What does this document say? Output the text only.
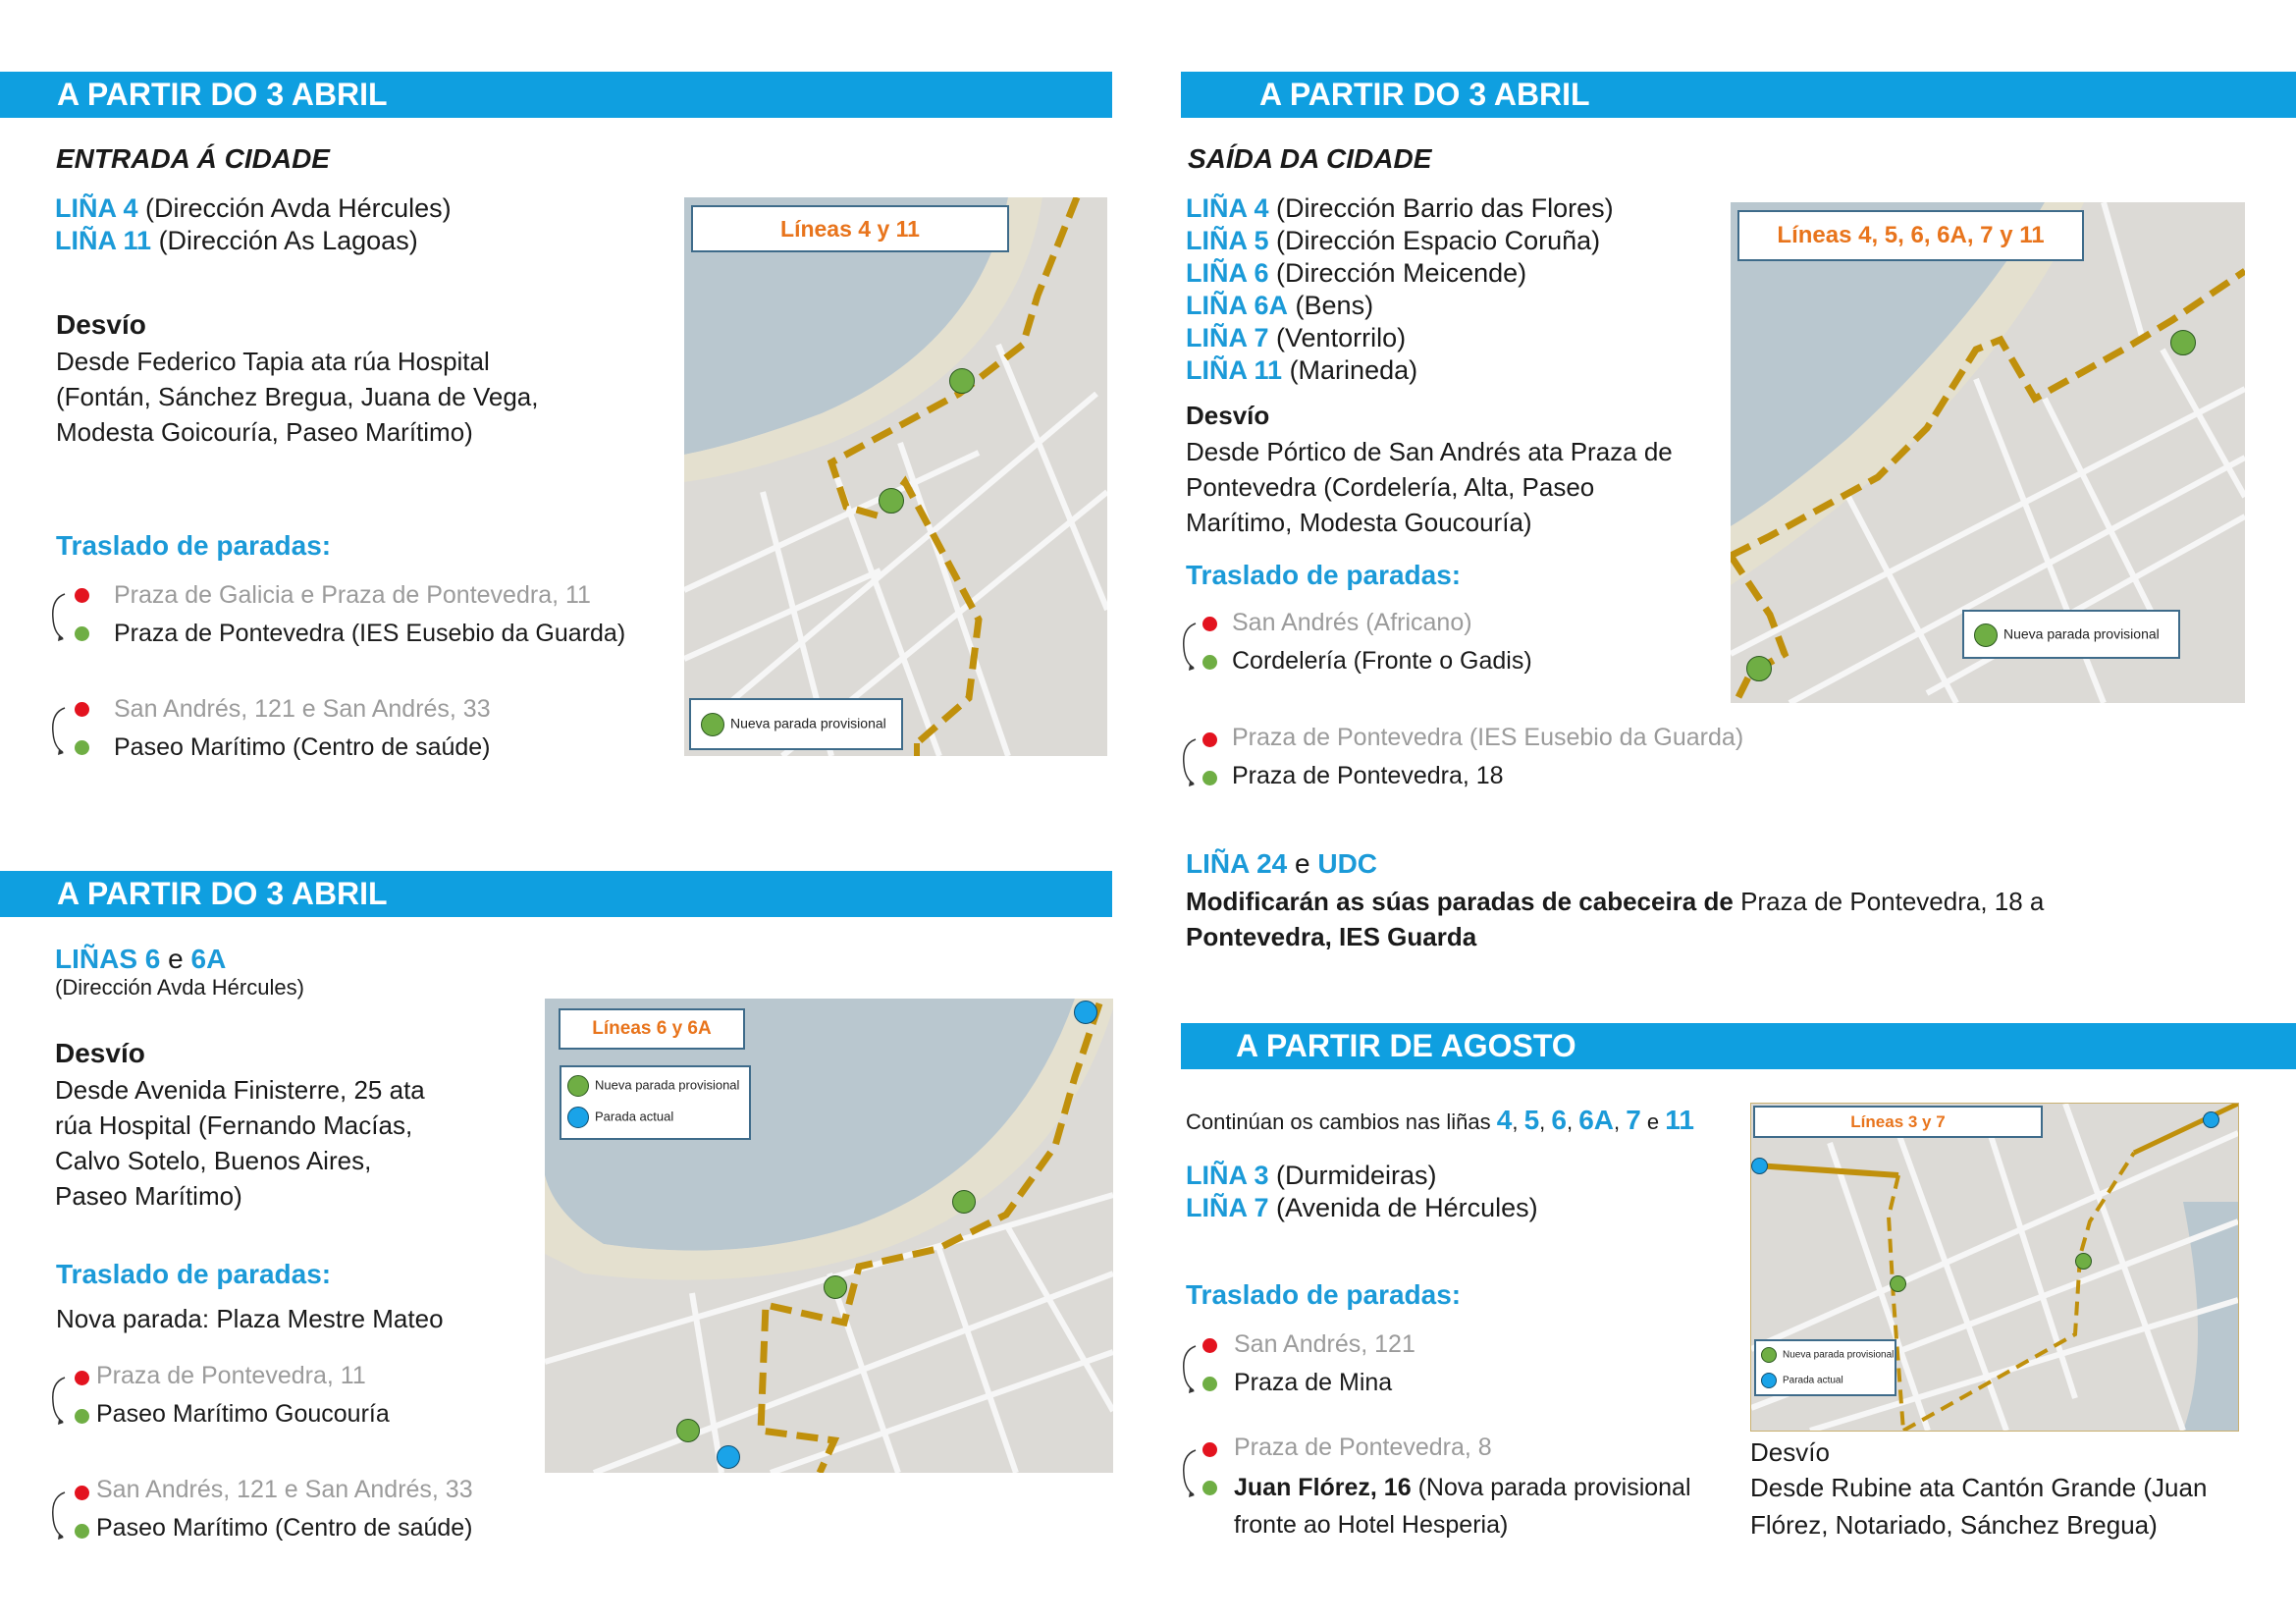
A PARTIR DO 3 ABRIL
ENTRADA Á CIDADE
LIÑA 4 (Dirección Avda Hércules)
LIÑA 11 (Dirección As Lagoas)
Desvío
Desde Federico Tapia ata rúa Hospital (Fontán, Sánchez Bregua, Juana de Vega, Modesta Goicouría, Paseo Marítimo)
Traslado de paradas:
Praza de Galicia e Praza de Pontevedra, 11
Praza de Pontevedra (IES Eusebio da Guarda)
San Andrés, 121 e San Andrés, 33
Paseo Marítimo (Centro de saúde)
Líneas 4 y 11
Nueva parada provisional
A PARTIR DO 3 ABRIL
SAÍDA DA CIDADE
LIÑA 4 (Dirección Barrio das Flores)
LIÑA 5 (Dirección Espacio Coruña)
LIÑA 6 (Dirección Meicende)
LIÑA 6A (Bens)
LIÑA 7 (Ventorrilo)
LIÑA 11 (Marineda)
Desvío
Desde Pórtico de San Andrés ata Praza de Pontevedra (Cordelería, Alta, Paseo Marítimo, Modesta Goucouría)
Traslado de paradas:
San Andrés (Africano)
Cordelería (Fronte o Gadis)
Praza de Pontevedra (IES Eusebio da Guarda)
Praza de Pontevedra, 18
LIÑA 24 e UDC
Modificarán as súas paradas de cabeceira de Praza de Pontevedra, 18 a
Pontevedra, IES Guarda
Líneas 4, 5, 6, 6A, 7 y 11
Nueva parada provisional
A PARTIR DO 3 ABRIL
LIÑAS 6 e 6A
(Dirección Avda Hércules)
Desvío
Desde Avenida Finisterre, 25 ata rúa Hospital (Fernando Macías, Calvo Sotelo, Buenos Aires, Paseo Marítimo)
Traslado de paradas:
Nova parada: Plaza Mestre Mateo
Praza de Pontevedra, 11
Paseo Marítimo Goucouría
San Andrés, 121 e San Andrés, 33
Paseo Marítimo (Centro de saúde)
Líneas 6 y 6A
Nueva parada provisional
Parada actual
A PARTIR DE AGOSTO
Continúan os cambios nas liñas 4, 5, 6, 6A, 7 e 11
LIÑA 3 (Durmideiras)
LIÑA 7 (Avenida de Hércules)
Traslado de paradas:
San Andrés, 121
Praza de Mina
Praza de Pontevedra, 8
Juan Flórez, 16 (Nova parada provisional fronte ao Hotel Hesperia)
Líneas 3 y 7
Nueva parada provisional
Parada actual
Desvío
Desde Rubine ata Cantón Grande (Juan Flórez, Notariado, Sánchez Bregua)
